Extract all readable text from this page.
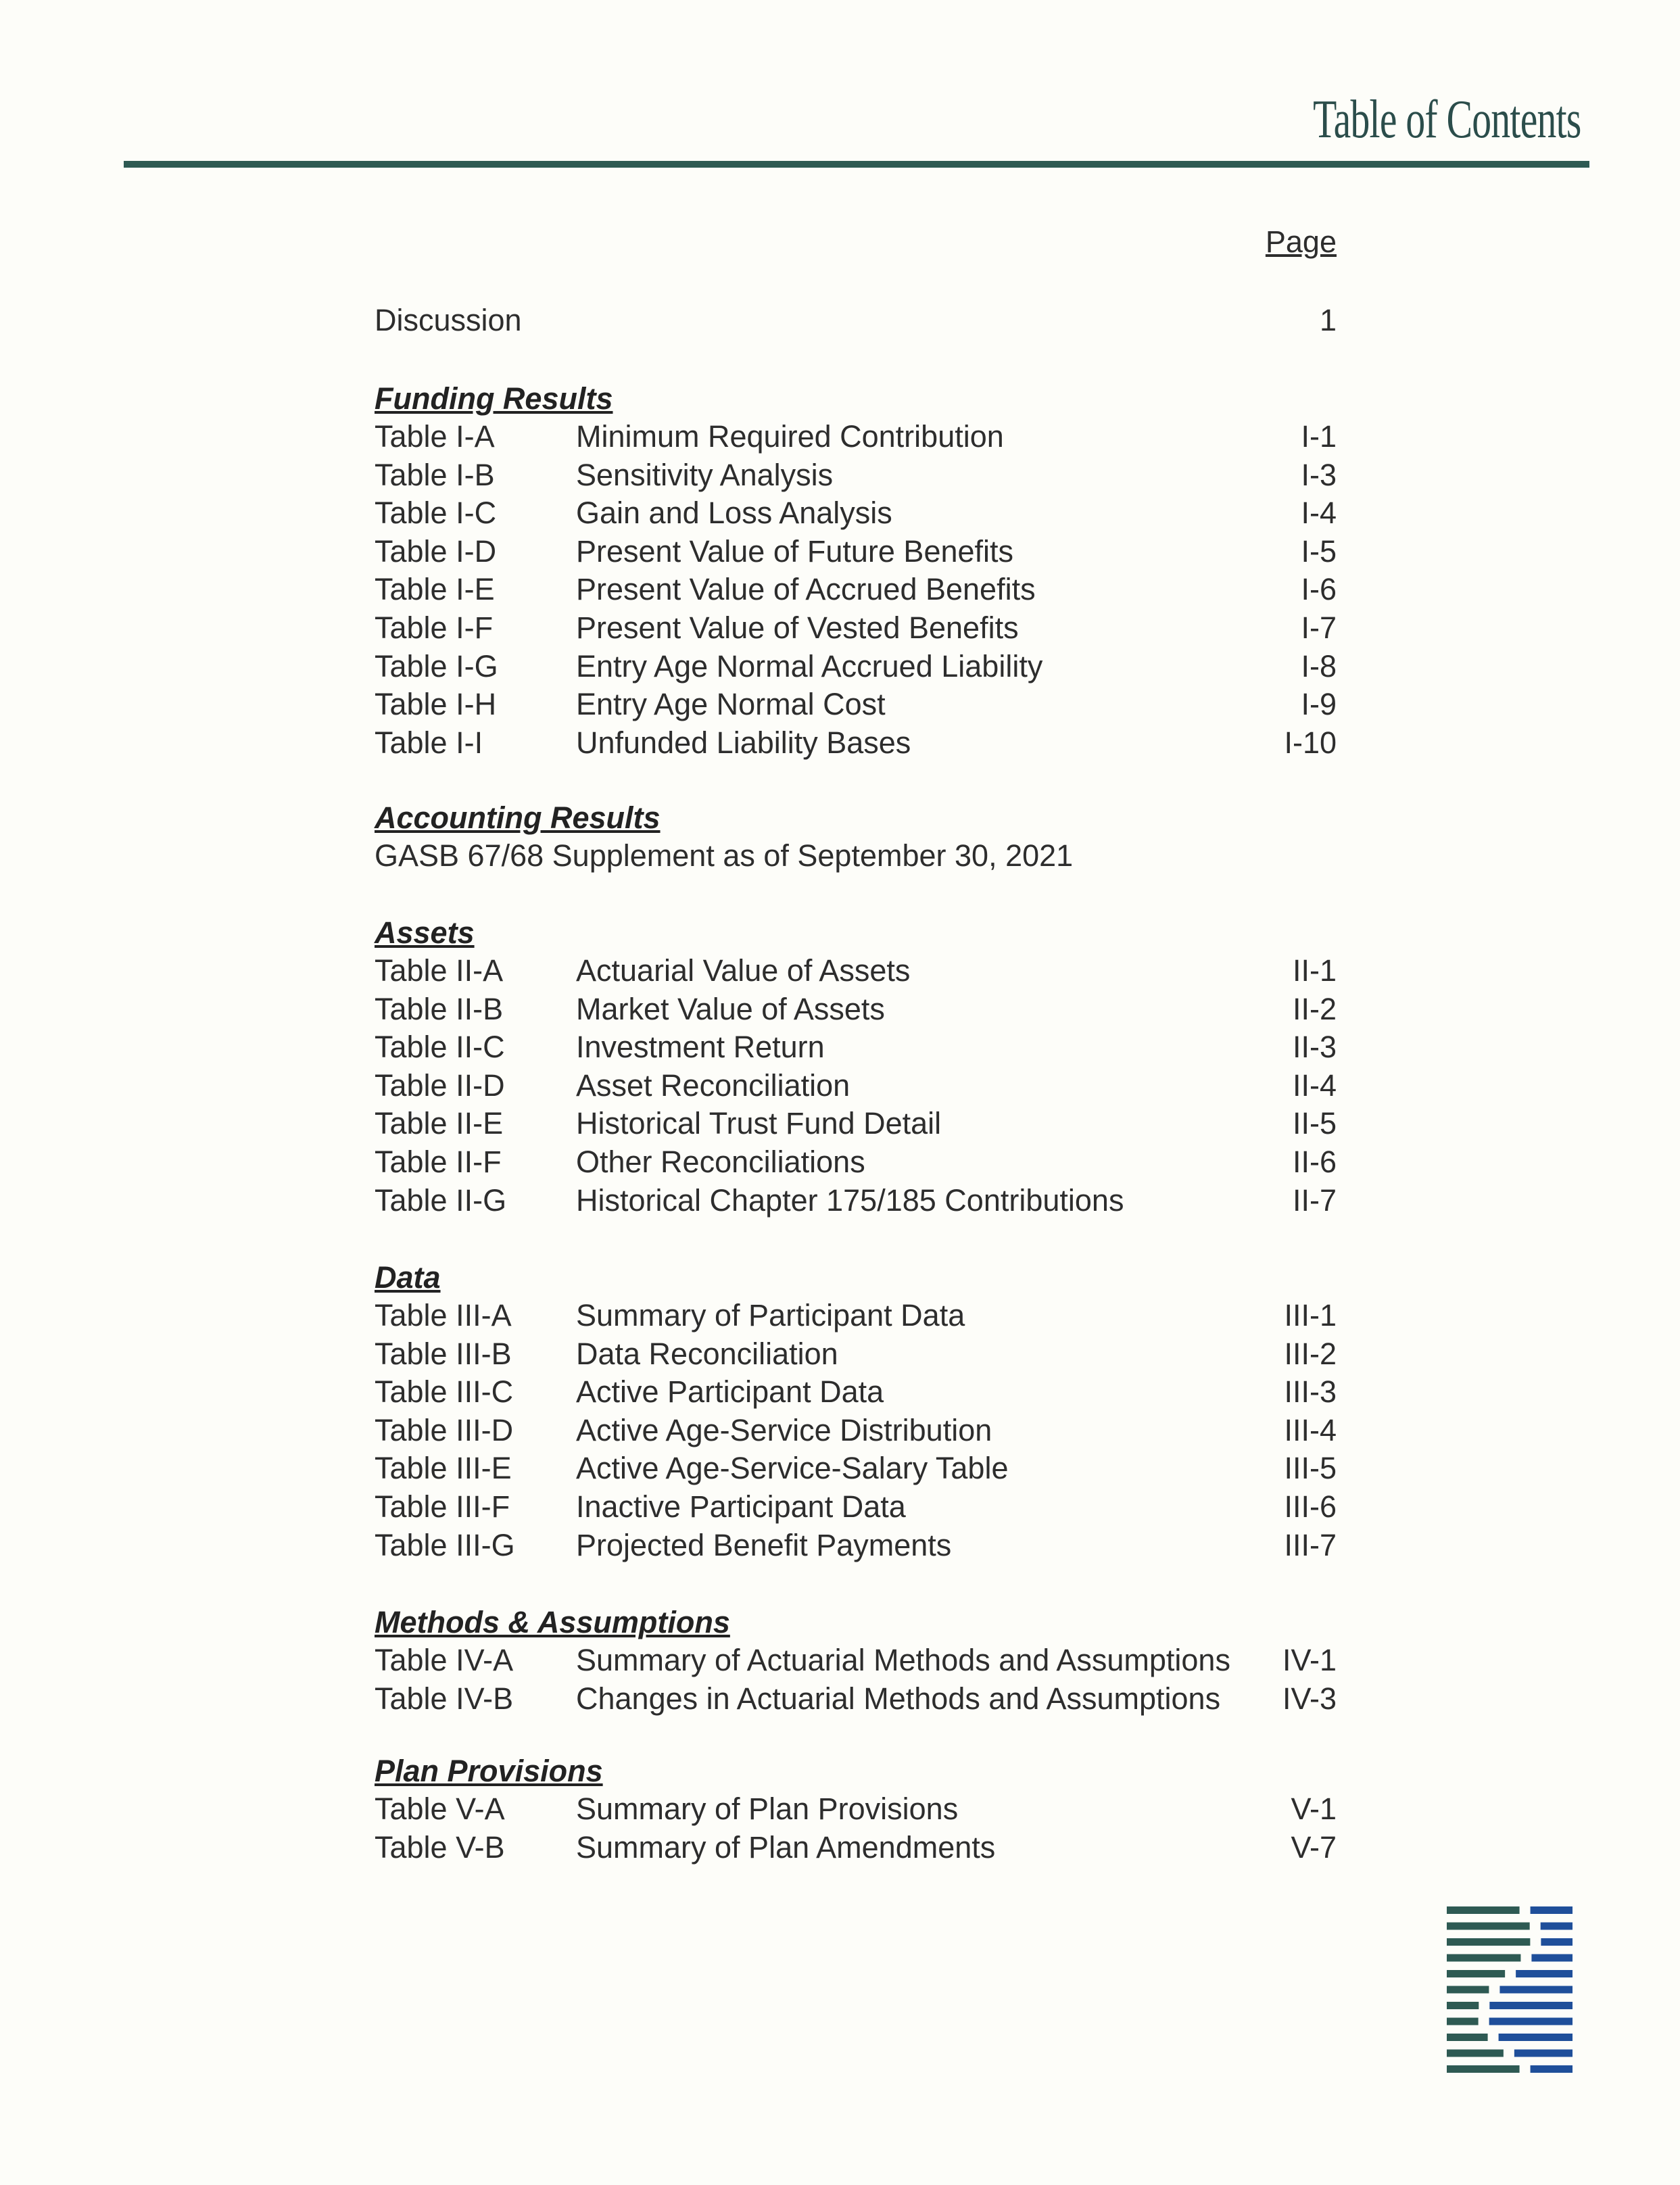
Table of Contents
Page
Discussion	1
Funding Results
Accounting Results
GASB 67/68 Supplement as of September 30, 2021
Assets
Data
Methods & Assumptions
Plan Provisions
Table I-A	Minimum Required Contribution	I-1
Table I-B	Sensitivity Analysis	I-3
Table I-C	Gain and Loss Analysis	I-4
Table I-D	Present Value of Future Benefits	I-5
Table I-E	Present Value of Accrued Benefits	I-6
Table I-F	Present Value of Vested Benefits	I-7
Table I-G	Entry Age Normal Accrued Liability	I-8
Table I-H	Entry Age Normal Cost	I-9
Table I-I	Unfunded Liability Bases	I-10
Table II-A Actuarial Value of Assets	II-1
Table II-B Market Value of Assets	II-2
Table II-C Investment Return	II-3
Table II-D Asset Reconciliation	II-4
Table II-E Historical Trust Fund Detail	II-5
Table II-F Other Reconciliations	II-6
Table II-G Historical Chapter 175/185 Contributions	II-7
Table III-A Summary of Participant Data	III-1
Table III-B Data Reconciliation	III-2
Table III-C Active Participant Data	III-3
Table III-D Active Age-Service Distribution	III-4
Table III-E Active Age-Service-Salary Table	III-5
Table III-F Inactive Participant Data	III-6
Table III-G Projected Benefit Payments	III-7
Table IV-A Summary of Actuarial Methods and Assumptions IV-1
Table IV-B Changes in Actuarial Methods and Assumptions IV-3
Table V-A Summary of Plan Provisions	V-1
Table V-B Summary of Plan Amendments	V-7
